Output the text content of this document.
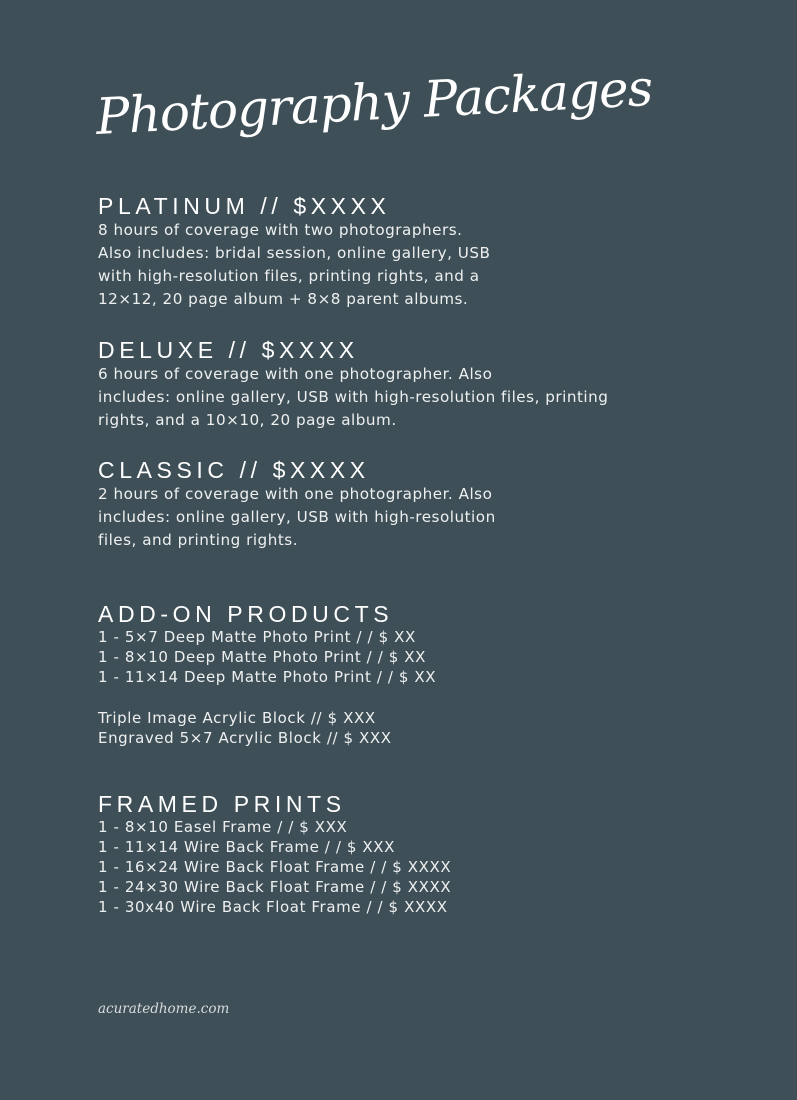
Photography Packages
PLATINUM // $XXXX

8 hours of coverage with two photographers.

Also includes: bridal session, online gallery, USB

with high-resolution files, printing rights, and a

12×12, 20 page album + 8×8 parent albums.

DELUXE // $XXXX

6 hours of coverage with one photographer. Also

includes: online gallery, USB with high-resolution files, printing

rights, and a 10×10, 20 page album.

CLASSIC // $XXXX

2 hours of coverage with one photographer. Also

includes: online gallery, USB with high-resolution

files, and printing rights.

ADD-ON PRODUCTS

1 - 5×7 Deep Matte Photo Print / / $ XX

1 - 8×10 Deep Matte Photo Print / / $ XX

1 - 11×14 Deep Matte Photo Print / / $ XX

Triple Image Acrylic Block // $ XXX

Engraved 5×7 Acrylic Block // $ XXX

FRAMED PRINTS

1 - 8×10 Easel Frame / / $ XXX

1 - 11×14 Wire Back Frame / / $ XXX

1 - 16×24 Wire Back Float Frame / / $ XXXX

1 - 24×30 Wire Back Float Frame / / $ XXXX

1 - 30x40 Wire Back Float Frame / / $ XXXX

acuratedhome.com
